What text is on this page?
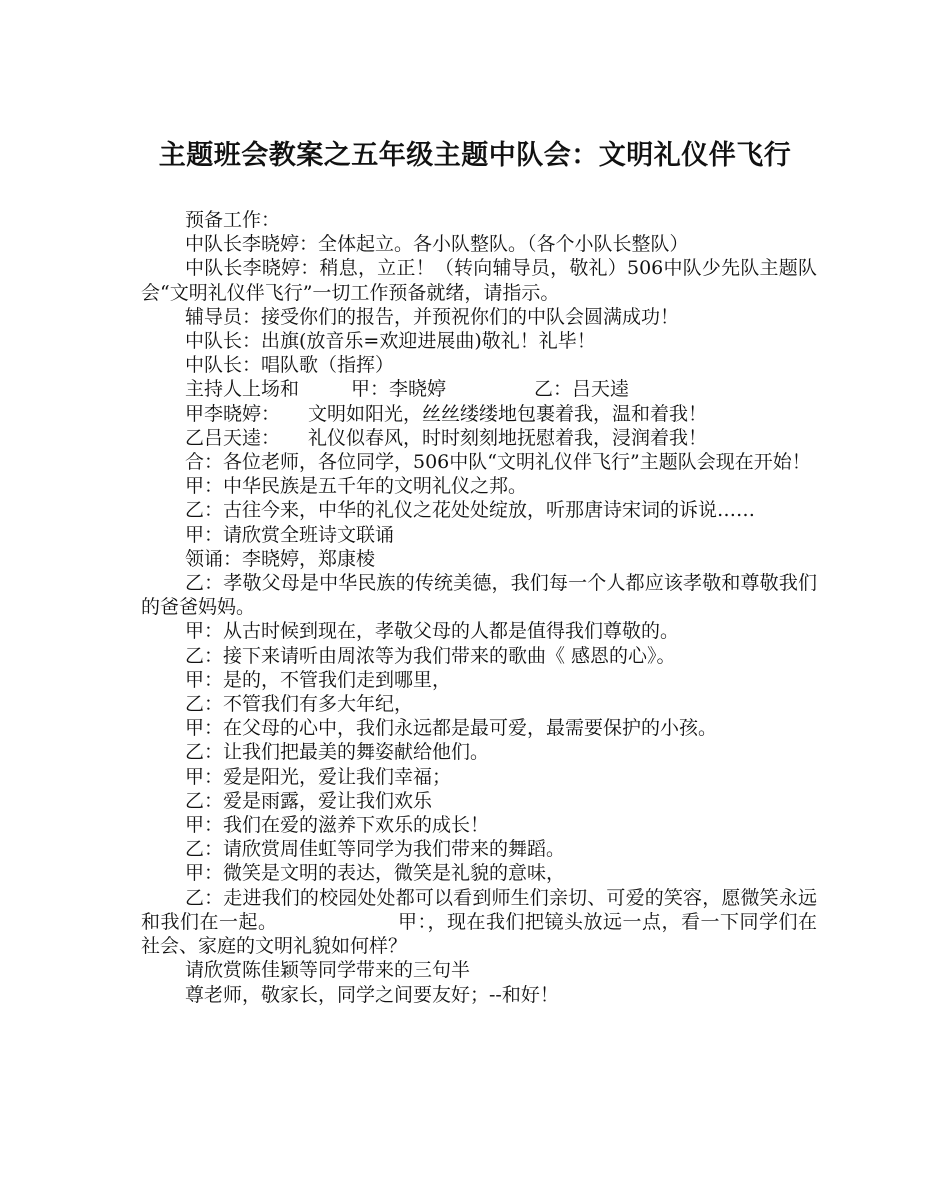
主题班会教案之五年级主题中队会：文明礼仪伴飞行

预备工作：

中队长李晓婷：全体起立。各小队整队。（各个小队长整队）

中队长李晓婷：稍息，立正！（转向辅导员，敬礼）506中队少先队主题队会“文明礼仪伴飞行”一切工作预备就绪，请指示。

辅导员：接受你们的报告，并预祝你们的中队会圆满成功！

中队长：出旗(放音乐=欢迎进展曲)敬礼！礼毕！

中队长：唱队歌（指挥）

主持人上场和	甲：李晓婷	乙：吕天逵

甲李晓婷： 文明如阳光，丝丝缕缕地包裹着我，温和着我！

乙吕天逵： 礼仪似春风，时时刻刻地抚慰着我，浸润着我！

合：各位老师，各位同学，506中队“文明礼仪伴飞行”主题队会现在开始！

甲：中华民族是五千年的文明礼仪之邦。

乙：古往今来，中华的礼仪之花处处绽放，听那唐诗宋词的诉说……

甲：请欣赏全班诗文联诵

领诵：李晓婷，郑康棱

乙：孝敬父母是中华民族的传统美德，我们每一个人都应该孝敬和尊敬我们的爸爸妈妈。

甲：从古时候到现在，孝敬父母的人都是值得我们尊敬的。

乙：接下来请听由周浓等为我们带来的歌曲《 感恩的心》。

甲：是的，不管我们走到哪里，

乙：不管我们有多大年纪，

甲：在父母的心中，我们永远都是最可爱，最需要保护的小孩。

乙：让我们把最美的舞姿献给他们。

甲：爱是阳光，爱让我们幸福；

乙：爱是雨露，爱让我们欢乐

甲：我们在爱的滋养下欢乐的成长！

乙：请欣赏周佳虹等同学为我们带来的舞蹈。

甲：微笑是文明的表达，微笑是礼貌的意味，

乙：走进我们的校园处处都可以看到师生们亲切、可爱的笑容，愿微笑永远和我们在一起。	甲：，现在我们把镜头放远一点，看一下同学们在社会、家庭的文明礼貌如何样？

请欣赏陈佳颖等同学带来的三句半

尊老师，敬家长，同学之间要友好；--和好！
